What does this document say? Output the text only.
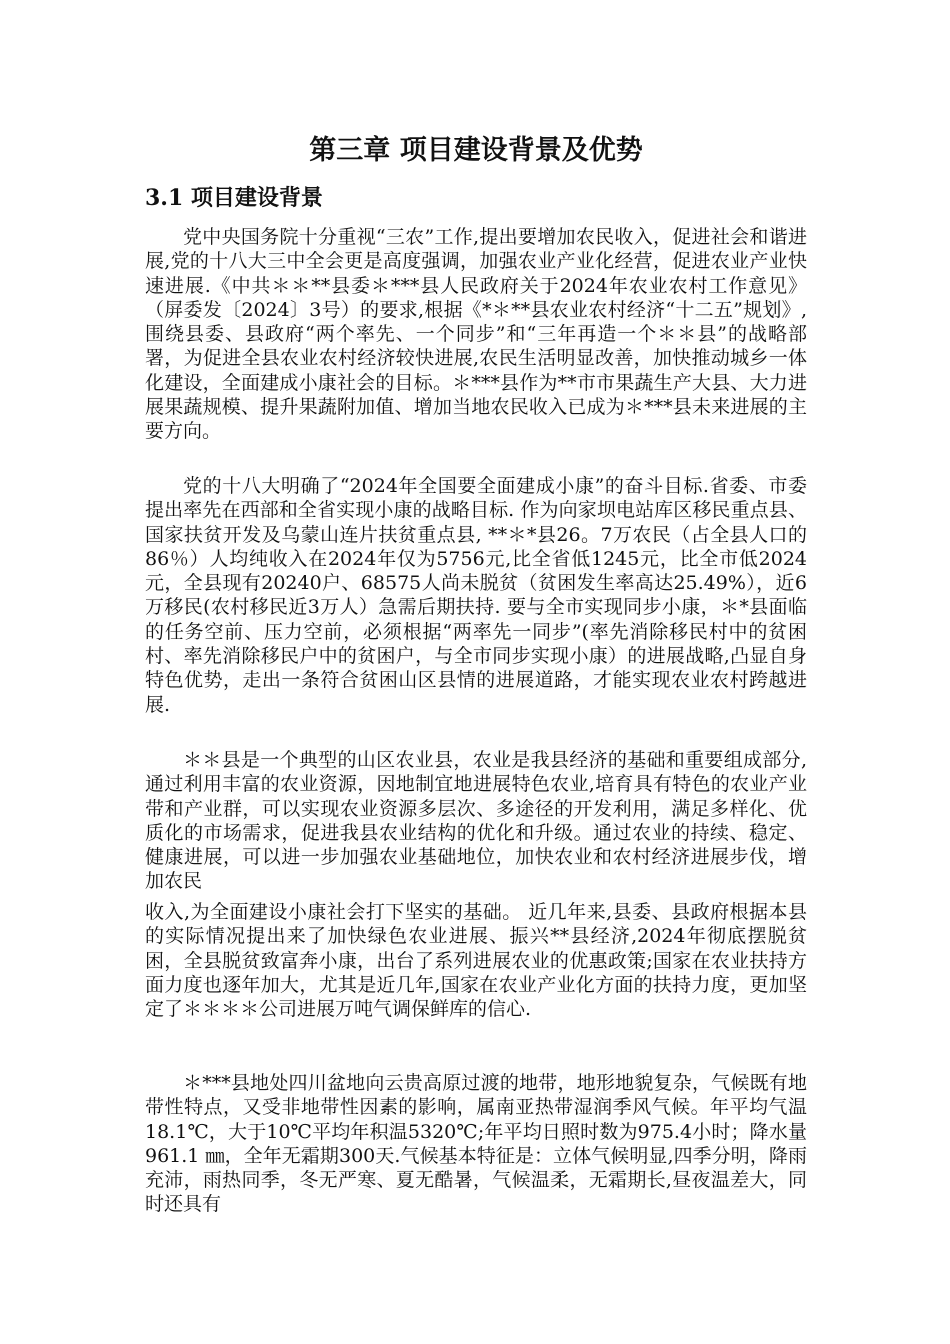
第三章 项目建设背景及优势
3.1 项目建设背景

党中央国务院十分重视“三农”工作,提出要增加农民收入，促进社会和谐进展,党的十八大三中全会更是高度强调，加强农业产业化经营，促进农业产业快速进展.《中共＊＊**县委＊***县人民政府关于2024年农业农村工作意见》（屏委发〔2024〕3号）的要求,根据《*＊**县农业农村经济“十二五”规划》,围绕县委、县政府“两个率先、一个同步”和“三年再造一个＊＊县”的战略部署，为促进全县农业农村经济较快进展,农民生活明显改善，加快推动城乡一体化建设，全面建成小康社会的目标。＊***县作为**市市果蔬生产大县、大力进展果蔬规模、提升果蔬附加值、增加当地农民收入已成为＊***县未来进展的主要方向。

党的十八大明确了“2024年全国要全面建成小康”的奋斗目标.省委、市委提出率先在西部和全省实现小康的战略目标. 作为向家坝电站库区移民重点县、国家扶贫开发及乌蒙山连片扶贫重点县, **＊*县26。7万农民（占全县人口的86％）人均纯收入在2024年仅为5756元,比全省低1245元，比全市低2024元，全县现有20240户、68575人尚未脱贫（贫困发生率高达25.49%），近6万移民(农村移民近3万人）急需后期扶持. 要与全市实现同步小康，＊*县面临的任务空前、压力空前，必须根据“两率先一同步”(率先消除移民村中的贫困村、率先消除移民户中的贫困户，与全市同步实现小康）的进展战略,凸显自身特色优势，走出一条符合贫困山区县情的进展道路，才能实现农业农村跨越进展.

＊＊县是一个典型的山区农业县，农业是我县经济的基础和重要组成部分,通过利用丰富的农业资源，因地制宜地进展特色农业,培育具有特色的农业产业带和产业群，可以实现农业资源多层次、多途径的开发利用，满足多样化、优质化的市场需求，促进我县农业结构的优化和升级。通过农业的持续、稳定、健康进展，可以进一步加强农业基础地位，加快农业和农村经济进展步伐，增加农民

收入,为全面建设小康社会打下坚实的基础。 近几年来,县委、县政府根据本县的实际情况提出来了加快绿色农业进展、振兴**县经济,2024年彻底摆脱贫困，全县脱贫致富奔小康，出台了系列进展农业的优惠政策;国家在农业扶持方面力度也逐年加大，尤其是近几年,国家在农业产业化方面的扶持力度，更加坚定了＊＊＊＊公司进展万吨气调保鲜库的信心.

＊***县地处四川盆地向云贵高原过渡的地带，地形地貌复杂，气候既有地带性特点，又受非地带性因素的影响，属南亚热带湿润季风气候。年平均气温18.1℃，大于10℃平均年积温5320℃;年平均日照时数为975.4小时；降水量961.1 ㎜，全年无霜期300天.气候基本特征是：立体气候明显,四季分明，降雨充沛，雨热同季，冬无严寒、夏无酷暑，气候温柔，无霜期长,昼夜温差大，同时还具有
